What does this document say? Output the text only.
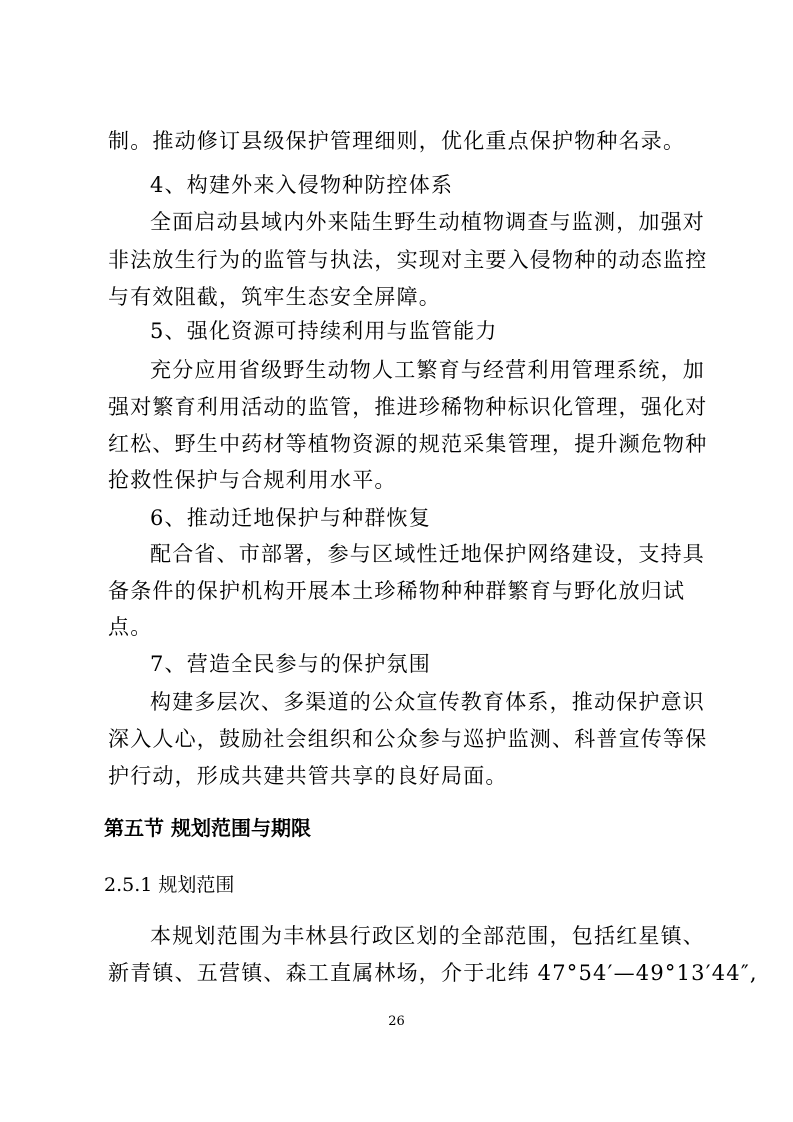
制。推动修订县级保护管理细则，优化重点保护物种名录。
4、构建外来入侵物种防控体系
全面启动县域内外来陆生野生动植物调查与监测，加强对
非法放生行为的监管与执法，实现对主要入侵物种的动态监控
与有效阻截，筑牢生态安全屏障。
5、强化资源可持续利用与监管能力
充分应用省级野生动物人工繁育与经营利用管理系统，加
强对繁育利用活动的监管，推进珍稀物种标识化管理，强化对
红松、野生中药材等植物资源的规范采集管理，提升濒危物种
抢救性保护与合规利用水平。
6、推动迁地保护与种群恢复
配合省、市部署，参与区域性迁地保护网络建设，支持具
备条件的保护机构开展本土珍稀物种种群繁育与野化放归试
点。
7、营造全民参与的保护氛围
构建多层次、多渠道的公众宣传教育体系，推动保护意识
深入人心，鼓励社会组织和公众参与巡护监测、科普宣传等保
护行动，形成共建共管共享的良好局面。
第五节 规划范围与期限
2.5.1 规划范围
本规划范围为丰林县行政区划的全部范围，包括红星镇、
新青镇、五营镇、森工直属林场，介于北纬 47°54′—49°13′44″,
26
